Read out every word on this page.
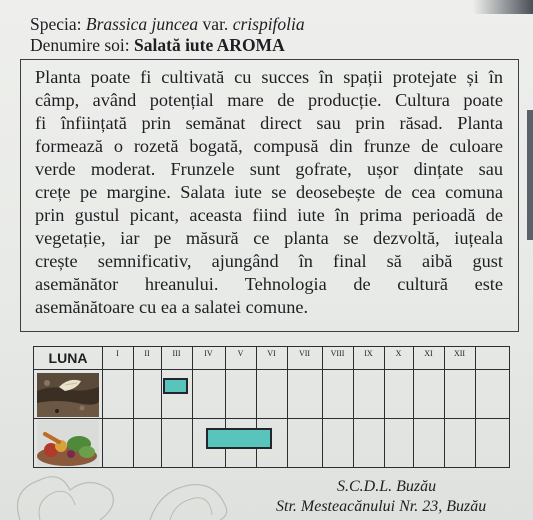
Specia: Brassica juncea var. crispifolia
Denumire soi: Salată iute AROMA
Planta poate fi cultivată cu succes în spații protejate și în
câmp, având potențial mare de producție. Cultura poate
fi înființată prin semănat direct sau prin răsad. Planta
formează o rozetă bogată, compusă din frunze de culoare
verde moderat. Frunzele sunt gofrate, ușor dințate sau
crețe pe margine. Salata iute se deosebește de cea comuna
prin gustul picant, aceasta fiind iute în prima perioadă de
vegetație, iar pe măsură ce planta se dezvoltă, iuțeala
crește semnificativ, ajungând în final să aibă gust
asemănător hreanului. Tehnologia de cultură este
asemănătoare cu ea a salatei comune.
LUNA	I	II	III	IV	V	VI	VII	VIII	IX	X	XI	XII
S.C.D.L. Buzău
Str. Mesteacănului Nr. 23, Buzău
